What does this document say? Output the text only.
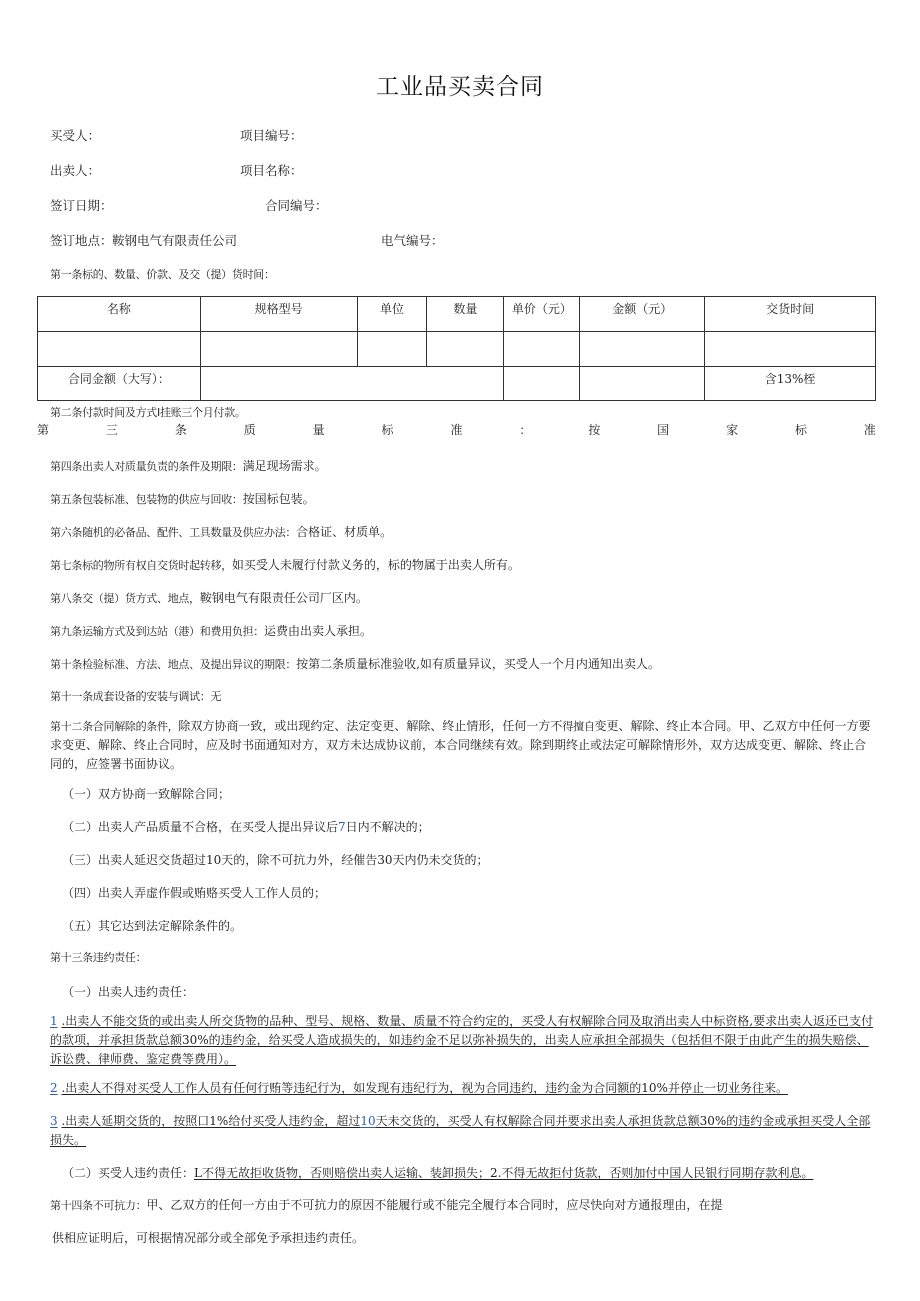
工业品买卖合同
买受人：	项目编号：
出卖人：	项目名称：
签订日期：	合同编号：
签订地点： 鞍钢电气有限责任公司	电气编号：
第一条标的、数量、价款、及交（提）货时间：
名称	规格型号	单位	数量	单价（元）	金额（元）	交货时间

合同金额（大写）：						含13%桎
第二条付款时间及方式Ⅰ挂账三个月付款。
第	三	条	质	量	标	准	：	按	国	家	标	准
第四条出卖人对质量负责的条件及期限：满足现场需求。
第五条包装标准、包装物的供应与回收：按国标包装。
第六条随机的必备品、配件、工具数量及供应办法：合格证、材质单。
第七条标的物所有权自交货时起转移，如买受人未履行付款义务的，标的物属于出卖人所有。
第八条交（提）货方式、地点，鞍钢电气有限责任公司厂区内。
第九条运输方式及到达站（港）和费用负担：运费由出卖人承担。
第十条检验标准、方法、地点、及提出异议的期限：按第二条质量标准验收,如有质量异议，买受人一个月内通知出卖人。
第十一条成套设备的安装与调试：无
第十二条合同解除的条件，除双方协商一致，或出现约定、法定变更、解除、终止情形，任何一方不得擅自变更、解除、终止本合同。甲、乙双方中任何一方要求变更、解除、终止合同时，应及时书面通知对方，双方未达成协议前，本合同继续有效。除到期终止或法定可解除情形外，双方达成变更、解除、终止合同的，应签署书面协议。
（一）双方协商一致解除合同；
（二）出卖人产品质量不合格，在买受人提出异议后7日内不解决的；
（三）出卖人延迟交货超过10天的，除不可抗力外，经催告30天内仍未交货的；
（四）出卖人弄虚作假或贿赂买受人工作人员的；
（五）其它达到法定解除条件的。
第十三条违约责任：
（一）出卖人违约责任：
1 .出卖人不能交货的或出卖人所交货物的品种、型号、规格、数量、质量不符合约定的，买受人有权解除合同及取消出卖人中标资格,要求出卖人返还已支付的款项，并承担货款总额30%的违约金，给买受人造成损失的，如违约金不足以弥补损失的，出卖人应承担全部损失（包括但不限于由此产生的损失赔偿、诉讼费、律师费、鉴定费等费用）。
2 .出卖人不得对买受人工作人员有任何行贿等违纪行为，如发现有违纪行为，视为合同违约，违约金为合同额的10%并停止一切业务往来。
3 .出卖人延期交货的，按照口1%给付买受人违约金，超过10天未交货的，买受人有权解除合同并要求出卖人承担货款总额30%的违约金或承担买受人全部损失。
（二）买受人违约责任：L不得无故拒收货物，否则赔偿出卖人运输、装卸损失；2.不得无故拒付货款，否则加付中国人民银行同期存款利息。
第十四条不可抗力：甲、乙双方的任何一方由于不可抗力的原因不能履行或不能完全履行本合同时，应尽快向对方通报理由，在提
供相应证明后，可根据情况部分或全部免予承担违约责任。
